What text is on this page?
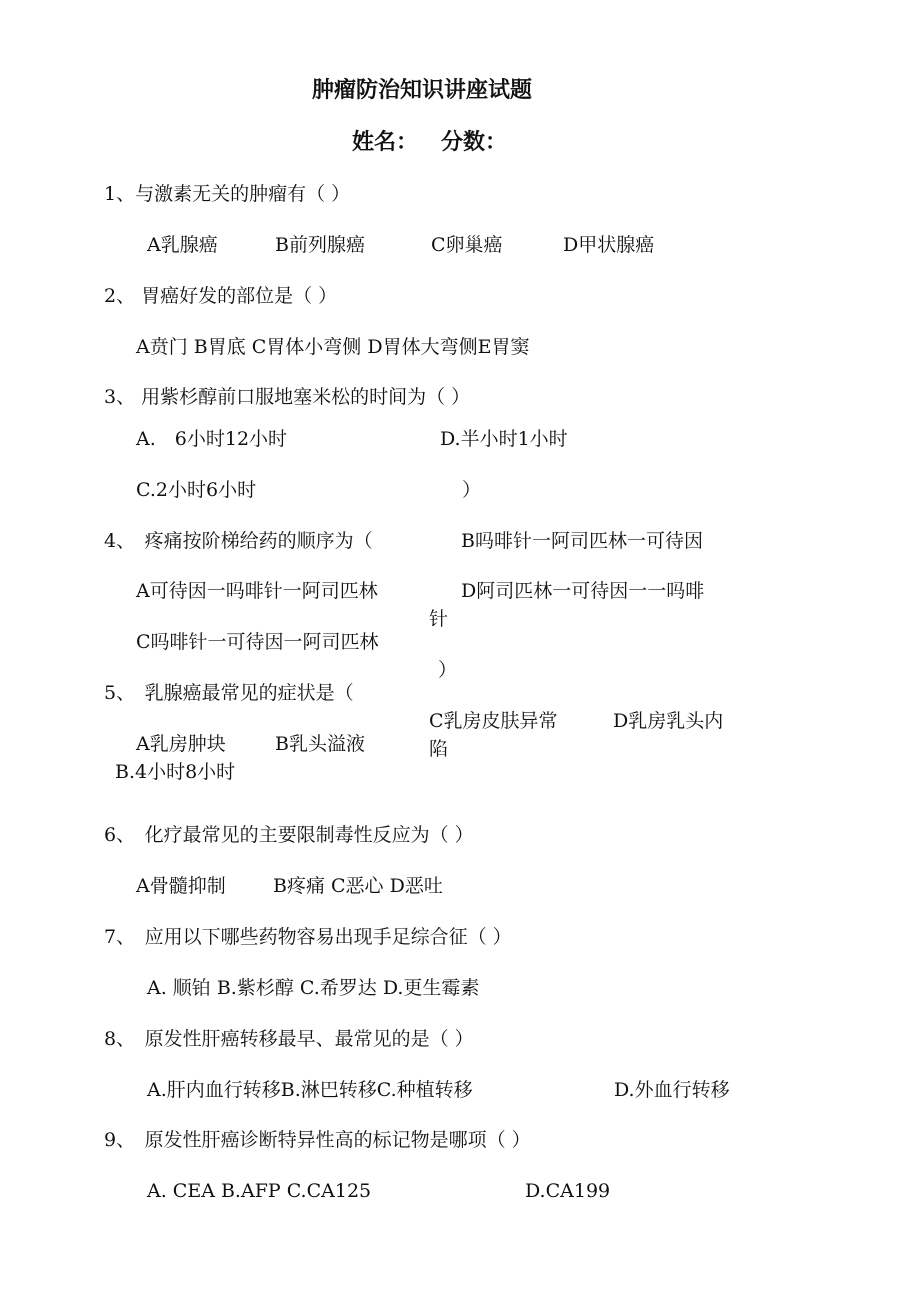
肿瘤防治知识讲座试题
姓名： 分数：
1、与激素无关的肿瘤有（ ）
A乳腺癌	B前列腺癌	C卵巢癌	D甲状腺癌
2、 胃癌好发的部位是（ ）
A贲门 B胃底 C胃体小弯侧 D胃体大弯侧E胃窦
3、 用紫杉醇前口服地塞米松的时间为（ ）
A.　6小时12小时	D.半小时1小时
C.2小时6小时	）
B.4小时8小时
4、　疼痛按阶梯给药的顺序为（	B吗啡针一阿司匹林一可待因
A可待因一吗啡针一阿司匹林	D阿司匹林一可待因一一吗啡
针
C吗啡针一可待因一阿司匹林
）
5、　乳腺癌最常见的症状是（
C乳房皮肤异常	D乳房乳头内
A乳房肿块	B乳头溢液	陷
6、　化疗最常见的主要限制毒性反应为（ ）
A骨髓抑制 B疼痛 C恶心 D恶吐
7、　应用以下哪些药物容易出现手足综合征（ ）
A. 顺铂 B.紫杉醇 C.希罗达 D.更生霉素
8、　原发性肝癌转移最早、最常见的是（ ）
A.肝内血行转移B.淋巴转移C.种植转移	D.外血行转移
9、　原发性肝癌诊断特异性高的标记物是哪项（ ）
A. CEA B.AFP C.CA125	D.CA199
